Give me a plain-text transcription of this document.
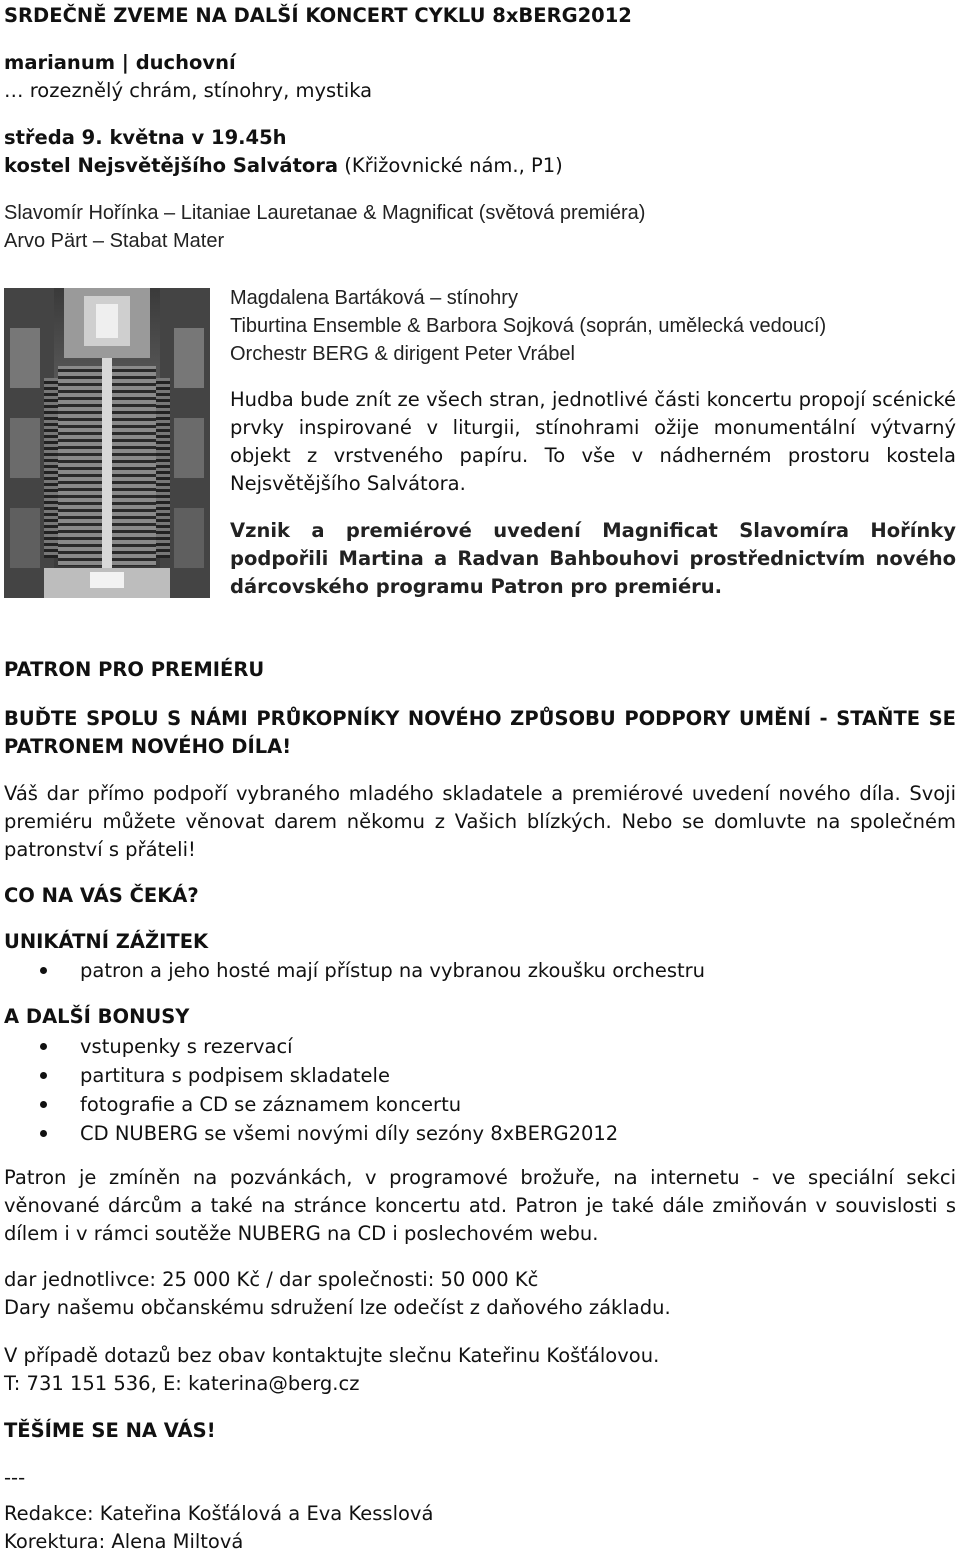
SRDEČNĚ ZVEME NA DALŠÍ KONCERT CYKLU 8xBERG2012
marianum | duchovní
… rozeznělý chrám, stínohry, mystika
středa 9. května v 19.45h
kostel Nejsvětějšího Salvátora (Křižovnické nám., P1)
Slavomír Hořínka – Litaniae Lauretanae & Magnificat (světová premiéra)
Arvo Pärt – Stabat Mater
Magdalena Bartáková – stínohry
Tiburtina Ensemble & Barbora Sojková (soprán, umělecká vedoucí)
Orchestr BERG & dirigent Peter Vrábel
Hudba bude znít ze všech stran, jednotlivé části koncertu propojí scénické prvky inspirované v liturgii, stínohrami ožije monumentální výtvarný objekt z vrstveného papíru. To vše v nádherném prostoru kostela Nejsvětějšího Salvátora.
Vznik a premiérové uvedení Magnificat Slavomíra Hořínky podpořili Martina a Radvan Bahbouhovi prostřednictvím nového dárcovského programu Patron pro premiéru.
PATRON PRO PREMIÉRU
BUĎTE SPOLU S NÁMI PRŮKOPNÍKY NOVÉHO ZPŮSOBU PODPORY UMĚNÍ - STAŇTE SE PATRONEM NOVÉHO DÍLA!
Váš dar přímo podpoří vybraného mladého skladatele a premiérové uvedení nového díla. Svoji premiéru můžete věnovat darem někomu z Vašich blízkých. Nebo se domluvte na společném patronství s přáteli!
CO NA VÁS ČEKÁ?
UNIKÁTNÍ ZÁŽITEK
patron a jeho hosté mají přístup na vybranou zkoušku orchestru
A DALŠÍ BONUSY
vstupenky s rezervací
partitura s podpisem skladatele
fotografie a CD se záznamem koncertu
CD NUBERG se všemi novými díly sezóny 8xBERG2012
Patron je zmíněn na pozvánkách, v programové brožuře, na internetu - ve speciální sekci věnované dárcům a také na stránce koncertu atd. Patron je také dále zmiňován v souvislosti s dílem i v rámci soutěže NUBERG na CD i poslechovém webu.
dar jednotlivce: 25 000 Kč / dar společnosti: 50 000 Kč
Dary našemu občanskému sdružení lze odečíst z daňového základu.
V případě dotazů bez obav kontaktujte slečnu Kateřinu Košťálovou.
T: 731 151 536, E: katerina@berg.cz
TĚŠÍME SE NA VÁS!
---
Redakce: Kateřina Košťálová a Eva Kesslová
Korektura: Alena Miltová
